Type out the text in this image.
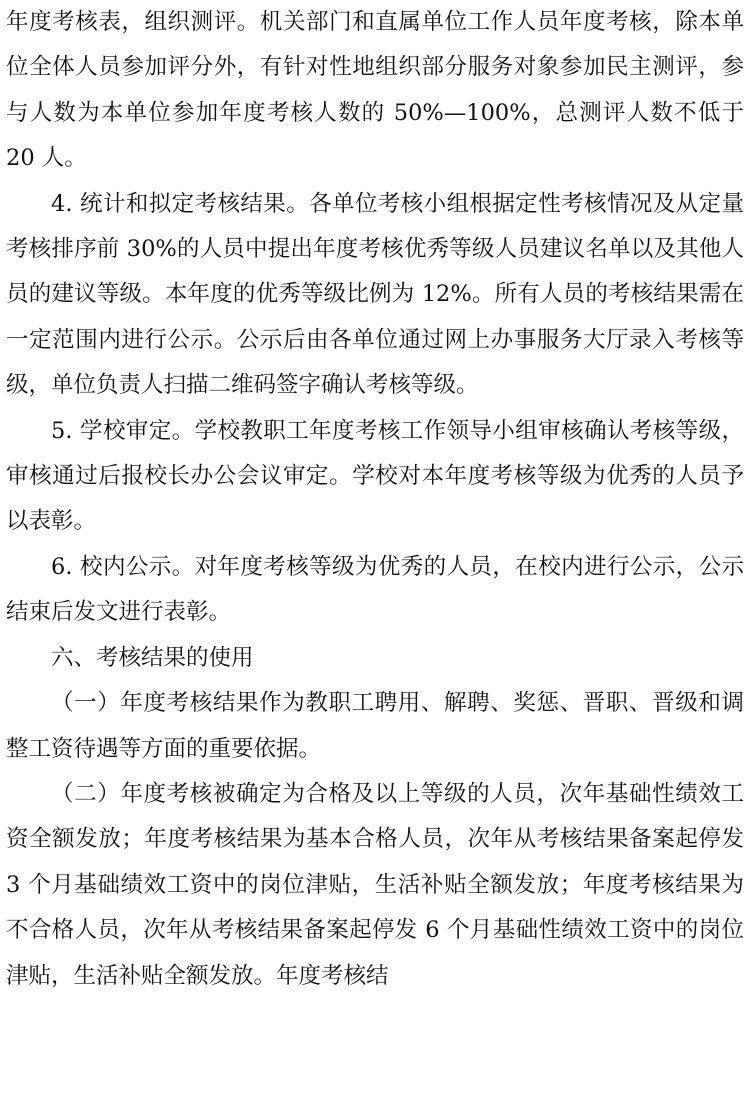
年度考核表，组织测评。机关部门和直属单位工作人员年度考核，除本单位全体人员参加评分外，有针对性地组织部分服务对象参加民主测评，参与人数为本单位参加年度考核人数的 50%—100%，总测评人数不低于 20 人。

4. 统计和拟定考核结果。各单位考核小组根据定性考核情况及从定量考核排序前 30%的人员中提出年度考核优秀等级人员建议名单以及其他人员的建议等级。本年度的优秀等级比例为 12%。所有人员的考核结果需在一定范围内进行公示。公示后由各单位通过网上办事服务大厅录入考核等级，单位负责人扫描二维码签字确认考核等级。

5. 学校审定。学校教职工年度考核工作领导小组审核确认考核等级，审核通过后报校长办公会议审定。学校对本年度考核等级为优秀的人员予以表彰。

6. 校内公示。对年度考核等级为优秀的人员，在校内进行公示，公示结束后发文进行表彰。

六、考核结果的使用

（一）年度考核结果作为教职工聘用、解聘、奖惩、晋职、晋级和调整工资待遇等方面的重要依据。

（二）年度考核被确定为合格及以上等级的人员，次年基础性绩效工资全额发放；年度考核结果为基本合格人员，次年从考核结果备案起停发 3 个月基础绩效工资中的岗位津贴，生活补贴全额发放；年度考核结果为不合格人员，次年从考核结果备案起停发 6 个月基础性绩效工资中的岗位津贴，生活补贴全额发放。年度考核结
